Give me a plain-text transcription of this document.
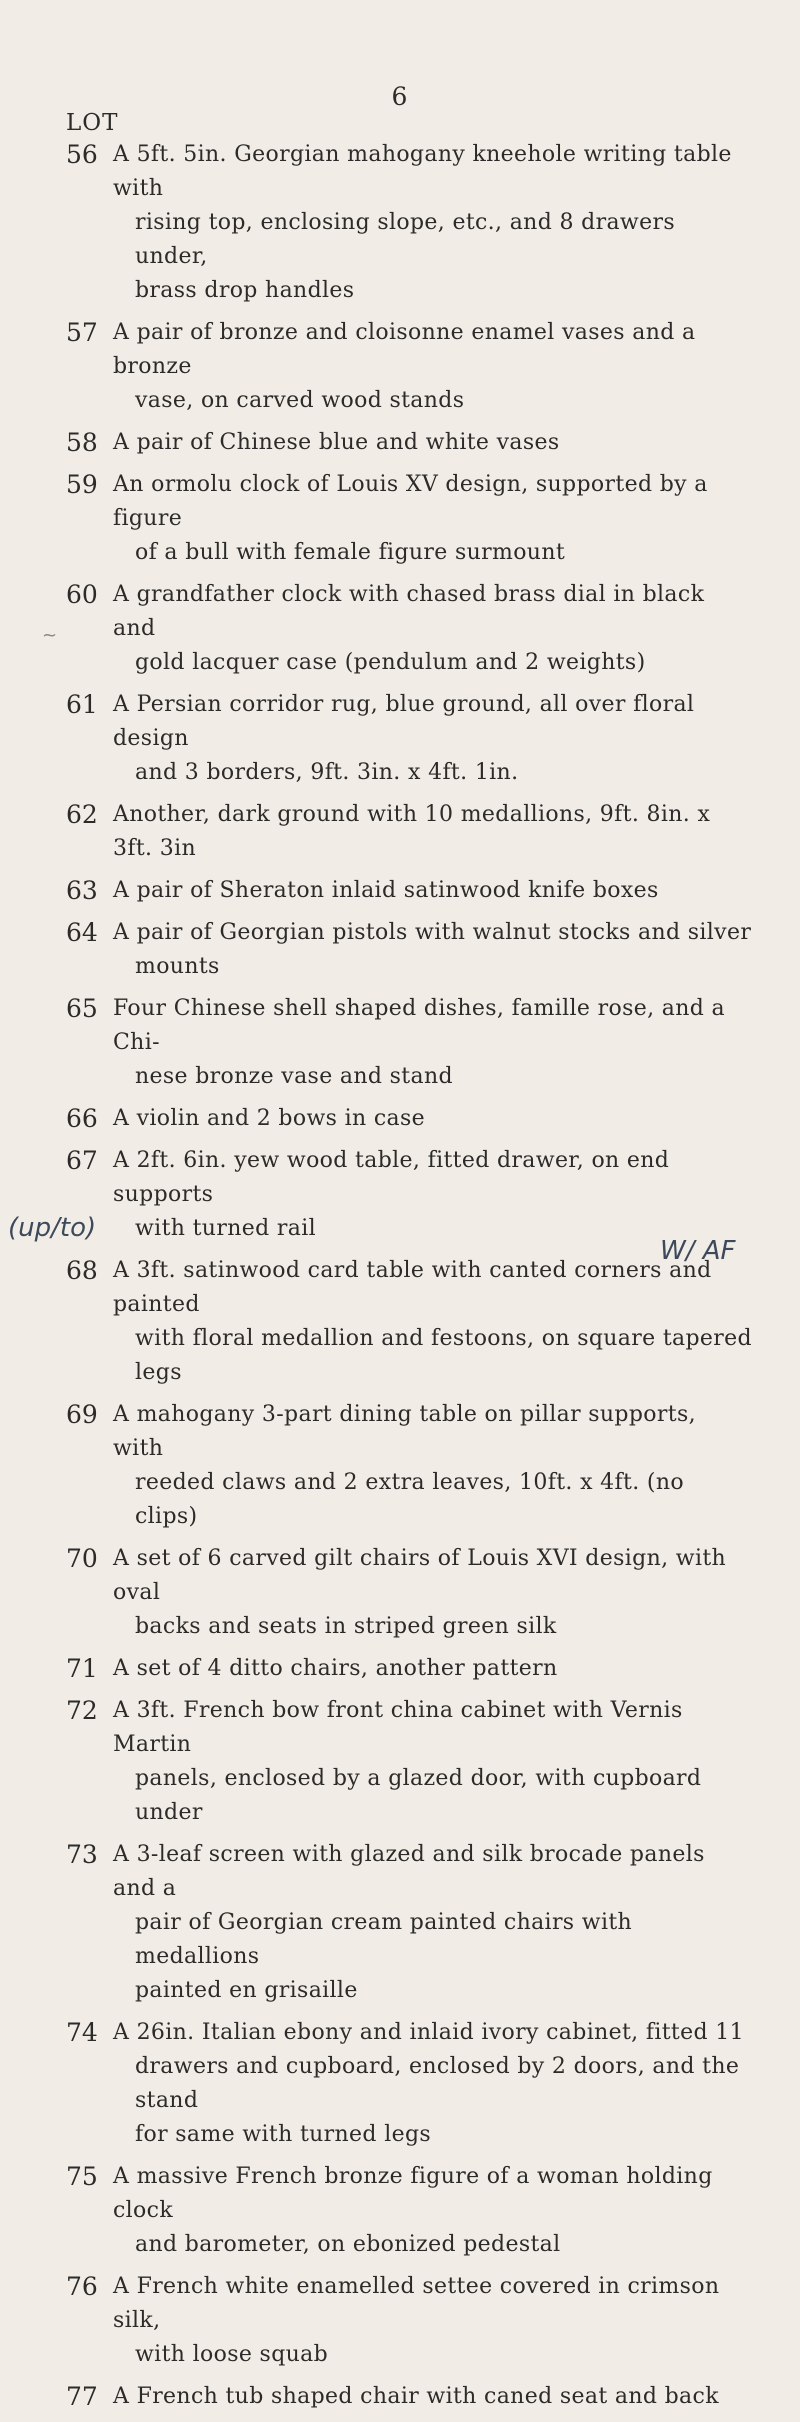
6
LOT
56 A 5ft. 5in. Georgian mahogany kneehole writing table with
rising top, enclosing slope, etc., and 8 drawers under,
brass drop handles
57 A pair of bronze and cloisonne enamel vases and a bronze
vase, on carved wood stands
58 A pair of Chinese blue and white vases
59 An ormolu clock of Louis XV design, supported by a figure
of a bull with female figure surmount
60 A grandfather clock with chased brass dial in black and
gold lacquer case (pendulum and 2 weights)
61 A Persian corridor rug, blue ground, all over floral design
and 3 borders, 9ft. 3in. x 4ft. 1in.
62 Another, dark ground with 10 medallions, 9ft. 8in. x 3ft. 3in
63 A pair of Sheraton inlaid satinwood knife boxes
64 A pair of Georgian pistols with walnut stocks and silver
mounts
65 Four Chinese shell shaped dishes, famille rose, and a Chi-
nese bronze vase and stand
66 A violin and 2 bows in case
67 A 2ft. 6in. yew wood table, fitted drawer, on end supports
with turned rail
68 A 3ft. satinwood card table with canted corners and painted
with floral medallion and festoons, on square tapered legs
69 A mahogany 3-part dining table on pillar supports, with
reeded claws and 2 extra leaves, 10ft. x 4ft. (no clips)
70 A set of 6 carved gilt chairs of Louis XVI design, with oval
backs and seats in striped green silk
71 A set of 4 ditto chairs, another pattern
72 A 3ft. French bow front china cabinet with Vernis Martin
panels, enclosed by a glazed door, with cupboard under
73 A 3-leaf screen with glazed and silk brocade panels and a
pair of Georgian cream painted chairs with medallions
painted en grisaille
74 A 26in. Italian ebony and inlaid ivory cabinet, fitted 11
drawers and cupboard, enclosed by 2 doors, and the stand
for same with turned legs
75 A massive French bronze figure of a woman holding clock
and barometer, on ebonized pedestal
76 A French white enamelled settee covered in crimson silk,
with loose squab
77 A French tub shaped chair with caned seat and back
(up/to)
W/ AF
~
